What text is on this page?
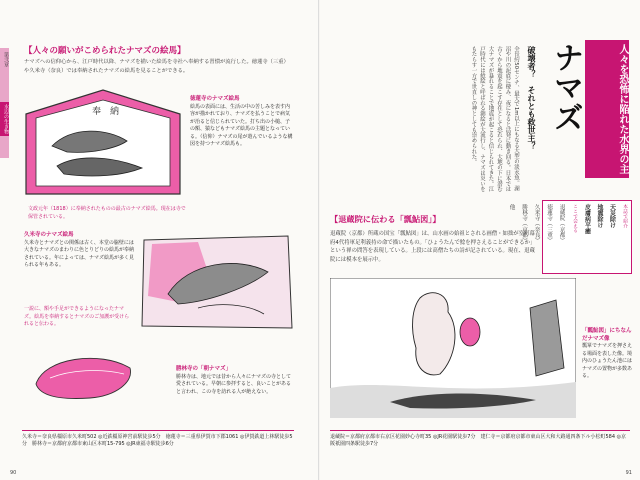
第弐章
水辺の生き物
【人々の願いがこめられたナマズの絵馬】
ナマズへの信仰心から、江戸時代以降、ナマズを描いた絵馬を寺社へ奉納する習慣が流行した。徳蓮寺（三重）や久米寺（奈良）では奉納されたナマズの絵馬を見ることができる。
奉 納
徳蓮寺のナマズ絵馬
絵馬の表面には、生活の中の苦しみを表す内容が描かれており、ナマズを払うことで病気が治ると信じられていた。打ち出の小槌、子の額、猿などもナマズ絵馬の主題となっている。（信仰）ナマズの尾が遊んでいるような構図を持つナマズ絵馬も。
文政元年（1818）に奉納されたものの最古のナマズ絵馬。現在は寺で保管されている。
久米寺のナマズ絵馬
久米寺とナマズとの関係は古く、本堂の脇壁には大きなナマズのまわりに色とりどりの絵馬が奉納されている。年によっては、ナマズ絵馬が多く見られる年もある。
一説に、額や手足ができるようになったナマズ。絵馬を奉納するとナマズのご加護が受けられると伝わる。
勝林寺の「朝ナマズ」
勝林寺は、地元では昔から人々にナマズの寺として愛されている。早朝に参拝すると、良いことがあると言われ、この寺を訪れる人が絶えない。
久米寺＝奈良県橿原市久米町502 ◎近鉄橿原神宮前駅徒歩5分　徳蓮寺＝三重県伊賀市下郡1061 ◎伊賀鉄道上林駅徒歩5分　勝林寺＝京都府京都市東山区本町15-795 ◎JR東福寺駅徒歩6分
90
人々を恐怖に陥れた水界の主
ナマズ
破壊者？　それとも救世主？
全長約50センチ、最大で1m以上にもなる大型の淡水魚。湖沼や川の泥底に棲み、夜になると活発に動き回る。日本では古くから地震を起こす存在として恐れられ、大地の下に潜む大ナマズが暴れることで地震が起こると信じられてきた。江戸時代には鯰絵と呼ばれる錦絵が大流行し、ナマズは災いをもたらす一方で世直しの神としても崇められた。
本誌で紹介
天災除け
地震除け
皮膚病平癒
ここで会える
退蔵院（京都）
徳蓮寺（三重）
久米寺（奈良）
勝林寺（京都）
他
【退蔵院に伝わる「瓢鮎図」】
退蔵院（京都）所蔵の国宝「瓢鮎図」は、山水画の始祖とされる画僧・如拙が室町幕府4代将軍足利義持の命で描いたもの。「ひょうたんで鯰を押さえることができるか」という禅の問答を表現している。上段には高僧たちの詩が記されている。現在、退蔵院には模本を展示中。
「瓢鮎図」にちなんだナマズ像
瓢箪でナマズを押さえる場面を表した像。境内のひょうたん池にはナマズの置物が多数ある。
退蔵院＝京都府京都市右京区花園妙心寺町35 ◎JR花園駅徒歩7分　建仁寺＝京都府京都市東山区大和大路通四条下ル小松町584 ◎京阪祇園四条駅徒歩7分
91
